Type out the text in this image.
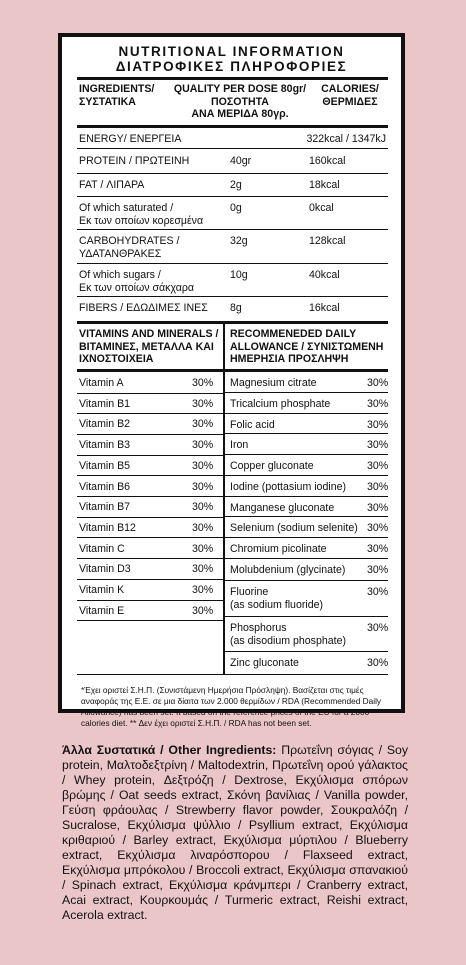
NUTRITIONAL INFORMATION
ΔΙΑΤΡΟΦΙΚΕΣ ΠΛΗΡΟΦΟΡΙΕΣ
INGREDIENTS/
ΣΥΣΤΑΤΙΚΑ
QUALITY PER DOSE 80gr/
ΠΟΣΟΤΗΤΑ
ΑΝΑ ΜΕΡΙΔΑ 80γρ.
CALORIES/
ΘΕΡΜΙΔΕΣ
ENERGY/ ΕΝΕΡΓΕΙΑ	322kcal / 1347kJ
PROTEIN / ΠΡΩΤΕΙΝΗ	40gr	160kcal
FAT / ΛΙΠΑΡΑ	2g	18kcal
Of which saturated /
Εκ των οποίων κορεσμένα
0g	0kcal
CARBOHYDRATES /
ΥΔΑΤΑΝΘΡΑΚΕΣ
32g	128kcal
Of which sugars /
Εκ των οποίων σάκχαρα
10g	40kcal
FIBERS / ΕΔΩΔΙΜΕΣ ΙΝΕΣ 8g	16kcal
VITAMINS AND MINERALS /
ΒΙΤΑΜΙΝΕΣ, ΜΕΤΑΛΛΑ ΚΑΙ
ΙΧΝΟΣΤΟΙΧΕΙΑ
RECOMMENEDED DAILY
ALLOWANCE / ΣΥΝΙΣΤΩΜΕΝΗ
ΗΜΕΡΗΣΙΑ ΠΡΟΣΛΗΨΗ
Vitamin A	30%
Vitamin B1	30%
Vitamin B2	30%
Vitamin B3	30%
Vitamin B5	30%
Vitamin B6	30%
Vitamin B7	30%
Vitamin B12	30%
Vitamin C	30%
Vitamin D3	30%
Vitamin K	30%
Vitamin E	30%
Magnesium citrate	30%
Tricalcium phosphate	30%
Folic acid	30%
Iron	30%
Copper gluconate	30%
Iodine (pottasium iodine) 30%
Manganese gluconate	30%
Selenium (sodium selenite) 30%
Chromium picolinate	30%
Molubdenium (glycinate) 30%
Fluorine
(as sodium fluoride)
30%
Phosphorus
(as disodium phosphate)
30%
Zinc gluconate	30%
*Έχει οριστεί Σ.Η.Π. (Συνιστάμενη Ημερήσια Πρόσληψη). Βασίζεται στις τιμές αναφοράς της Ε.Ε. σε μια δίαιτα των 2.000 θερμίδων / RDA (Recommended Daily Allowance) has been set. It based on the reference prices of the EU for a 2000 calories diet. ** Δεν έχει οριστεί Σ.Η.Π. / RDA has not been set.
Άλλα Συστατικά / Other Ingredients: Πρωτεΐνη σόγιας / Soy protein, Μαλτοδεξτρίνη / Maltodextrin, Πρωτεΐνη ορού γάλακτος / Whey protein, Δεξτρόζη / Dextrose, Εκχύλισμα σπόρων βρώμης / Oat seeds extract, Σκόνη βανίλιας / Vanilla powder, Γεύση φράουλας / Strewberry flavor powder, Σουκραλόζη / Sucralose, Εκχύλισμα ψύλλιο / Psyllium extract, Εκχύλισμα κριθαριού / Barley extract, Εκχύλισμα μύρτιλου / Blueberry extract, Εκχύλισμα λιναρόσπορου / Flaxseed extract, Εκχύλισμα μπρόκολου / Broccoli extract, Εκχύλισμα σπανακιού / Spinach extract, Εκχύλισμα κράνμπερι / Cranberry extract, Acai extract, Κουρκουμάς / Turmeric extract, Reishi extract, Acerola extract.
